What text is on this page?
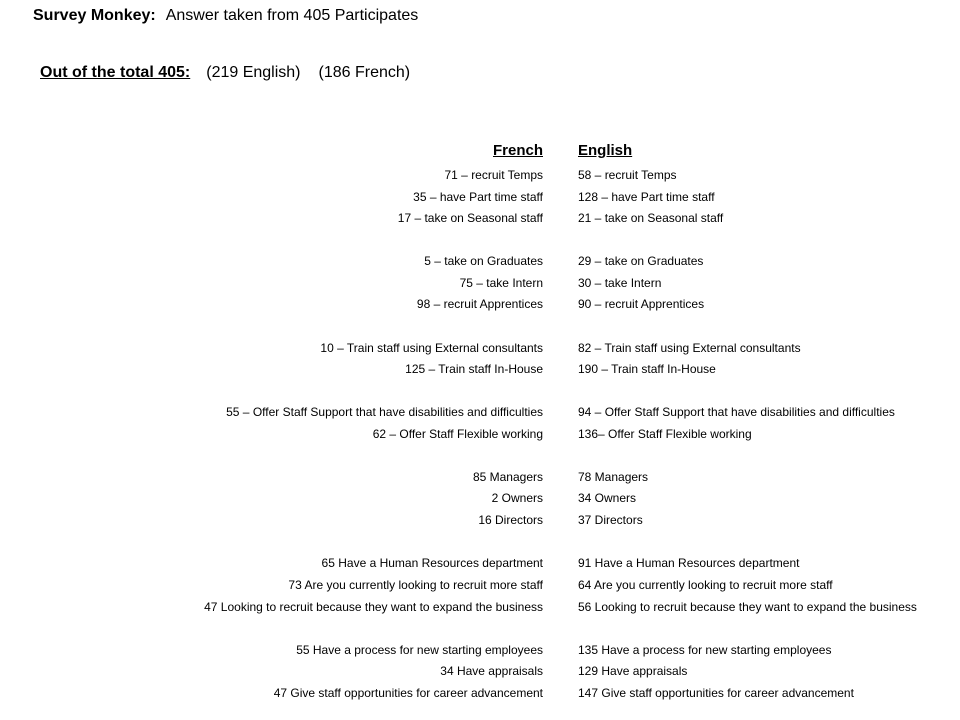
Survey Monkey: Answer taken from 405 Participates
Out of the total 405: (219 English) (186 French)
French English
71 – recruit Temps	58 – recruit Temps
35 – have Part time staff	128 – have Part time staff
17 – take on Seasonal staff	21 – take on Seasonal staff
5 – take on Graduates	29 – take on Graduates
75 – take Intern	30 – take Intern
98 – recruit Apprentices	90 – recruit Apprentices
10 – Train staff using External consultants	82 – Train staff using External consultants
125 – Train staff In-House	190 – Train staff In-House
55 – Offer Staff Support that have disabilities and difficulties	94 – Offer Staff Support that have disabilities and difficulties
62 – Offer Staff Flexible working	136– Offer Staff Flexible working
85 Managers	78 Managers
2 Owners	34 Owners
16 Directors	37 Directors
65 Have a Human Resources department	91 Have a Human Resources department
73 Are you currently looking to recruit more staff	64 Are you currently looking to recruit more staff
47 Looking to recruit because they want to expand the business	56 Looking to recruit because they want to expand the business
55 Have a process for new starting employees	135 Have a process for new starting employees
34 Have appraisals	129 Have appraisals
47 Give staff opportunities for career advancement	147 Give staff opportunities for career advancement
